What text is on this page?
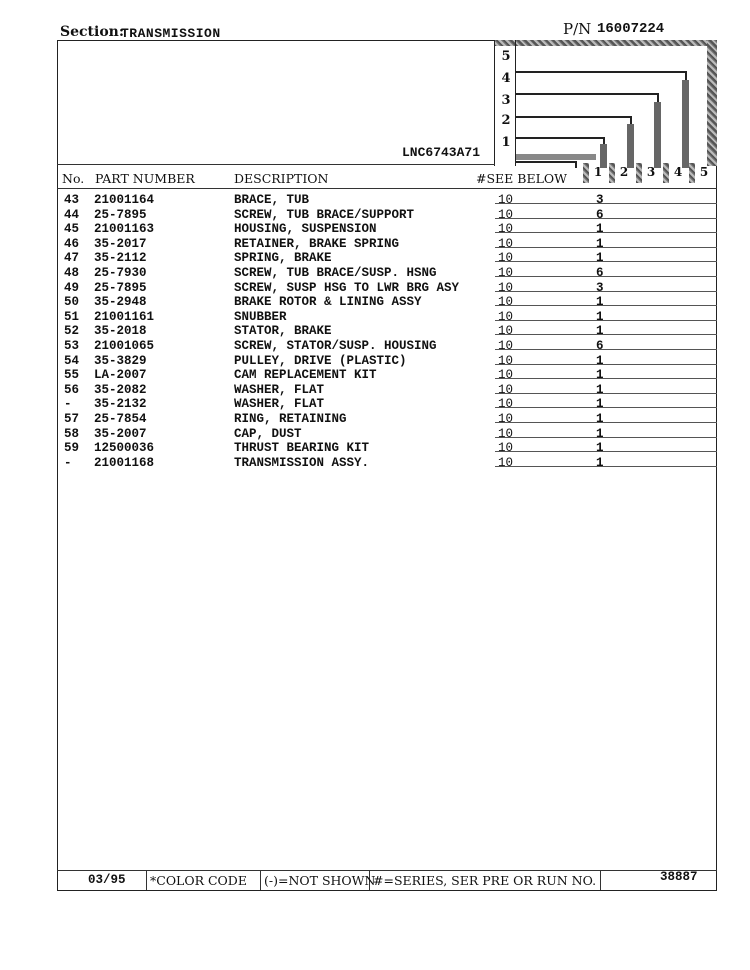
Section:
TRANSMISSION	P/N 16007224
5
4
3
2
1
LNC6743A71
No. PART NUMBER	DESCRIPTION	#SEE BELOW 1 2 3 4 5
43 21001164	BRACE, TUB	10	3
44 25-7895	SCREW, TUB BRACE/SUPPORT	10	6
45 21001163	HOUSING, SUSPENSION	10	1
46 35-2017	RETAINER, BRAKE SPRING	10	1
47 35-2112	SPRING, BRAKE	10	1
48 25-7930	SCREW, TUB BRACE/SUSP. HSNG	10	6
49 25-7895	SCREW, SUSP HSG TO LWR BRG ASY	10	3
50 35-2948	BRAKE ROTOR & LINING ASSY	10	1
51 21001161	SNUBBER	10	1
52 35-2018	STATOR, BRAKE	10	1
53 21001065	SCREW, STATOR/SUSP. HOUSING	10	6
54 35-3829	PULLEY, DRIVE (PLASTIC)	10	1
55 LA-2007	CAM REPLACEMENT KIT	10	1
56 35-2082	WASHER, FLAT	10	1
- 35-2132	WASHER, FLAT	10	1
57 25-7854	RING, RETAINING	10	1
58 35-2007	CAP, DUST	10	1
59 12500036	THRUST BEARING KIT	10	1
- 21001168	TRANSMISSION ASSY.	10	1
03/95 *COLOR CODE (-)=NOT SHOWN
#=SERIES, SER PRE OR RUN NO.	38887
